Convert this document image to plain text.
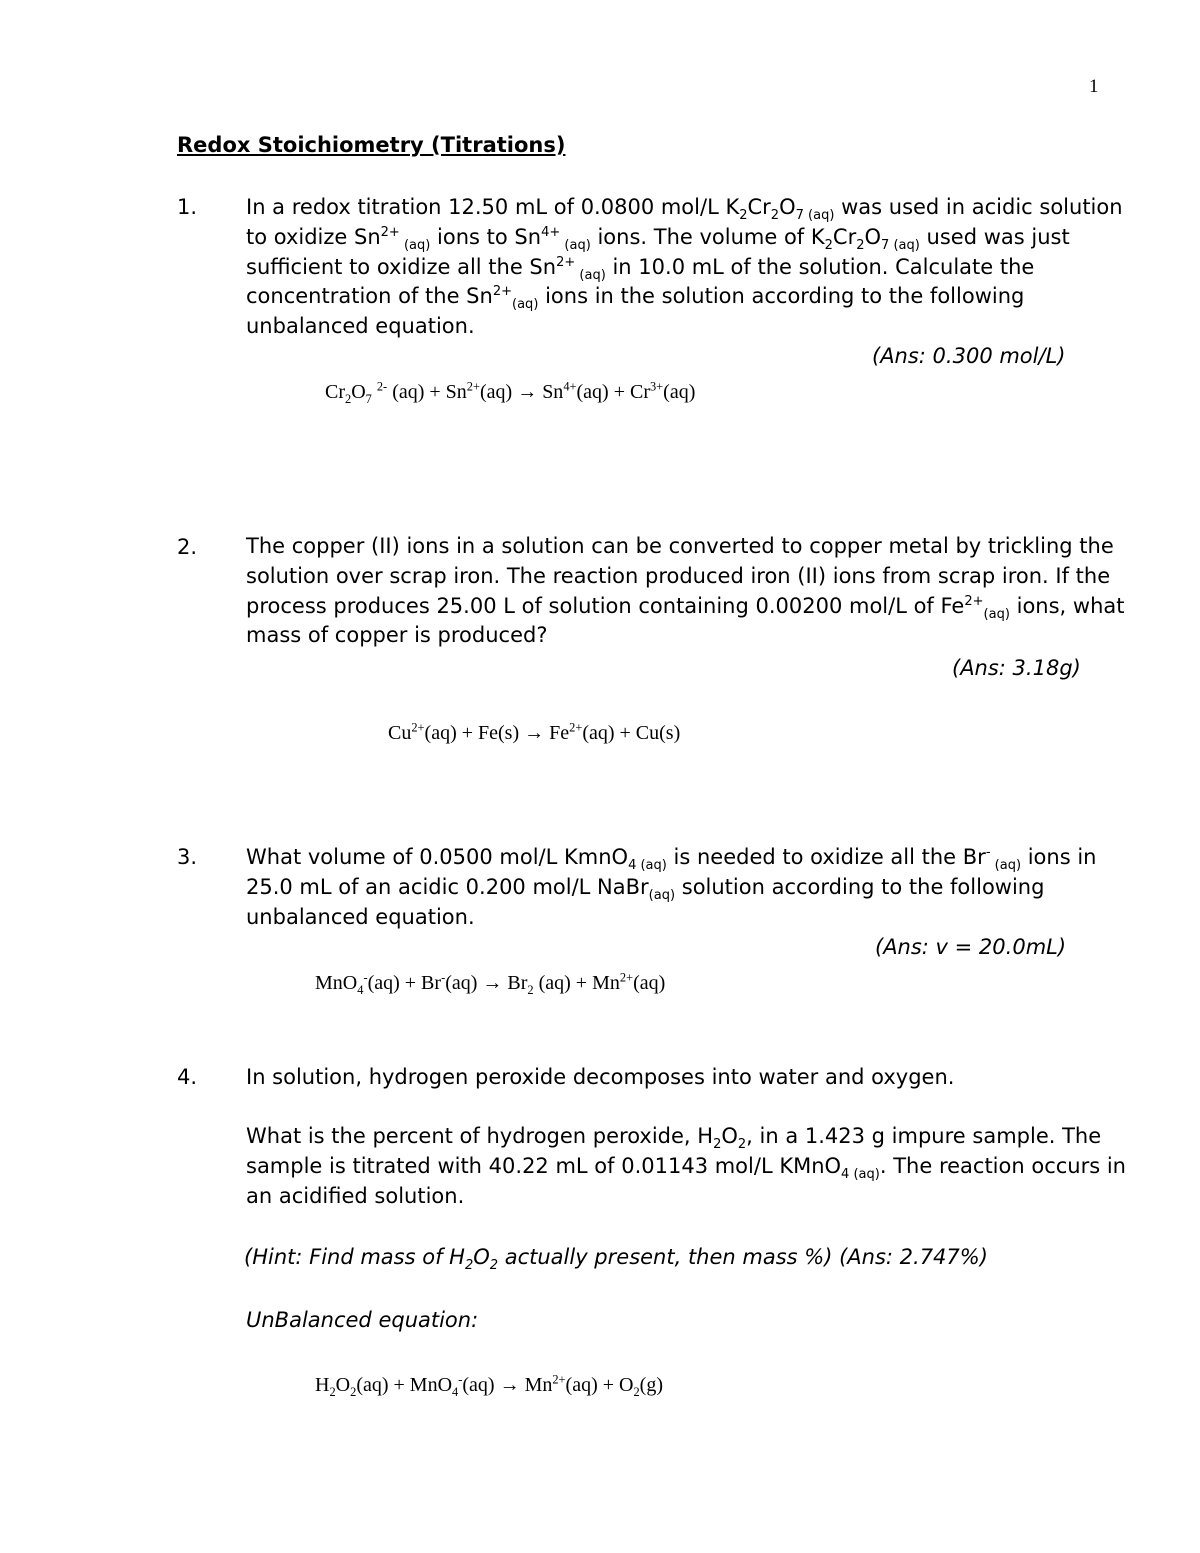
1
Redox Stoichiometry (Titrations)
1. In a redox titration 12.50 mL of 0.0800 mol/L $K_2Cr_2O_{7 (aq)}$ was used in acidic solution to oxidize $Sn^{2+}$ $_{(aq)}$ ions to $Sn^{4+}$ $_{(aq)}$ ions. The volume of $K_2Cr_2O_{7 (aq)}$ used was just sufficient to oxidize all the $Sn^{2+}$ $_{(aq)}$ in 10.0 mL of the solution. Calculate the concentration of the $Sn^{2+}_{(aq)}$ ions in the solution according to the following unbalanced equation.
(Ans: 0.300 mol/L)
$Cr_2O_7$ $^{2-}$ $(aq) + Sn^{2+}(aq) \to Sn^{4+}(aq) + Cr^{3+}(aq)$
2. The copper (II) ions in a solution can be converted to copper metal by trickling the solution over scrap iron. The reaction produced iron (II) ions from scrap iron. If the process produces 25.00 L of solution containing 0.00200 mol/L of $Fe^{2+}_{(aq)}$ ions, what mass of copper is produced?
(Ans: 3.18g)
$Cu^{2+}(aq) + Fe(s) \to Fe^{2+}(aq) + Cu(s)$
3. What volume of 0.0500 mol/L KmnO$_{4 (aq)}$ is needed to oxidize all the Br- $_{(aq)}$ ions in 25.0 mL of an acidic 0.200 mol/L NaBr$_{(aq)}$ solution according to the following unbalanced equation.
(Ans: v = 20.0mL)
$MnO_4^-(aq) + Br^-(aq) \to Br_2$ $(aq) + Mn^{2+}(aq)$
4. In solution, hydrogen peroxide decomposes into water and oxygen.
What is the percent of hydrogen peroxide, $H_2O_2$, in a 1.423 g impure sample. The sample is titrated with 40.22 mL of 0.01143 mol/L KMnO$_{4 (aq)}$. The reaction occurs in an acidified solution.
(Hint: Find mass of $H_2O_2$ actually present, then mass %) (Ans: 2.747%)
UnBalanced equation:
$H_2O_2(aq) + MnO_4^-(aq) \to Mn^{2+}(aq) + O_2(g)$
